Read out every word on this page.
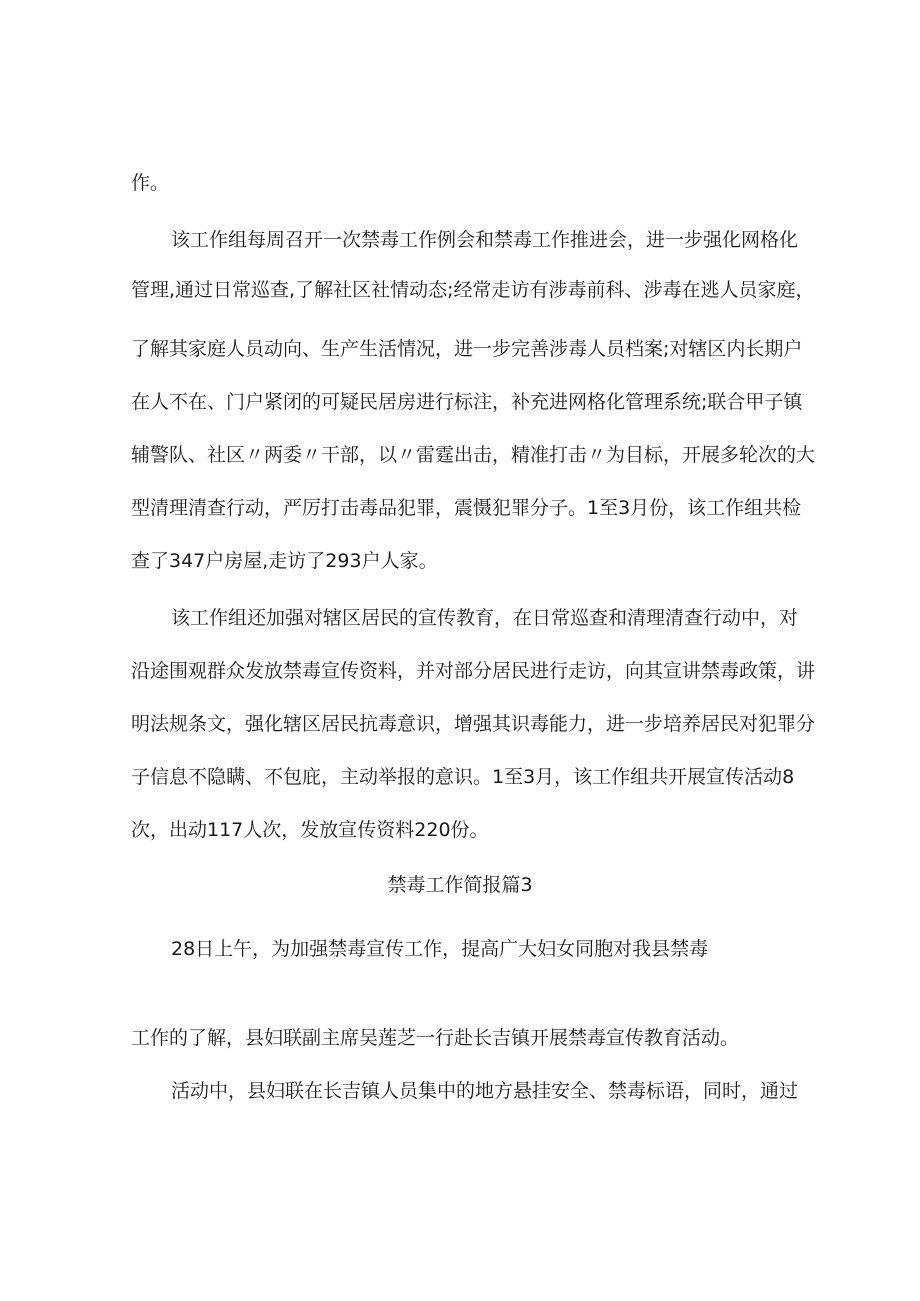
作。
该工作组每周召开一次禁毒工作例会和禁毒工作推进会，进一步强化网格化
管理,通过日常巡查,了解社区社情动态;经常走访有涉毒前科、涉毒在逃人员家庭，
了解其家庭人员动向、生产生活情况，进一步完善涉毒人员档案;对辖区内长期户
在人不在、门户紧闭的可疑民居房进行标注，补充进网格化管理系统;联合甲子镇
辅警队、社区〃两委〃干部，以〃雷霆出击，精准打击〃为目标，开展多轮次的大
型清理清查行动，严厉打击毒品犯罪，震慑犯罪分子。1至3月份，该工作组共检
查了347户房屋,走访了293户人家。
该工作组还加强对辖区居民的宣传教育，在日常巡查和清理清查行动中，对
沿途围观群众发放禁毒宣传资料，并对部分居民进行走访，向其宣讲禁毒政策，讲
明法规条文，强化辖区居民抗毒意识，增强其识毒能力，进一步培养居民对犯罪分
子信息不隐瞒、不包庇，主动举报的意识。1至3月，该工作组共开展宣传活动8
次，出动117人次，发放宣传资料220份。
禁毒工作简报篇3
28日上午，为加强禁毒宣传工作，提高广大妇女同胞对我县禁毒
工作的了解，县妇联副主席吴莲芝一行赴长吉镇开展禁毒宣传教育活动。
活动中，县妇联在长吉镇人员集中的地方悬挂安全、禁毒标语，同时，通过
